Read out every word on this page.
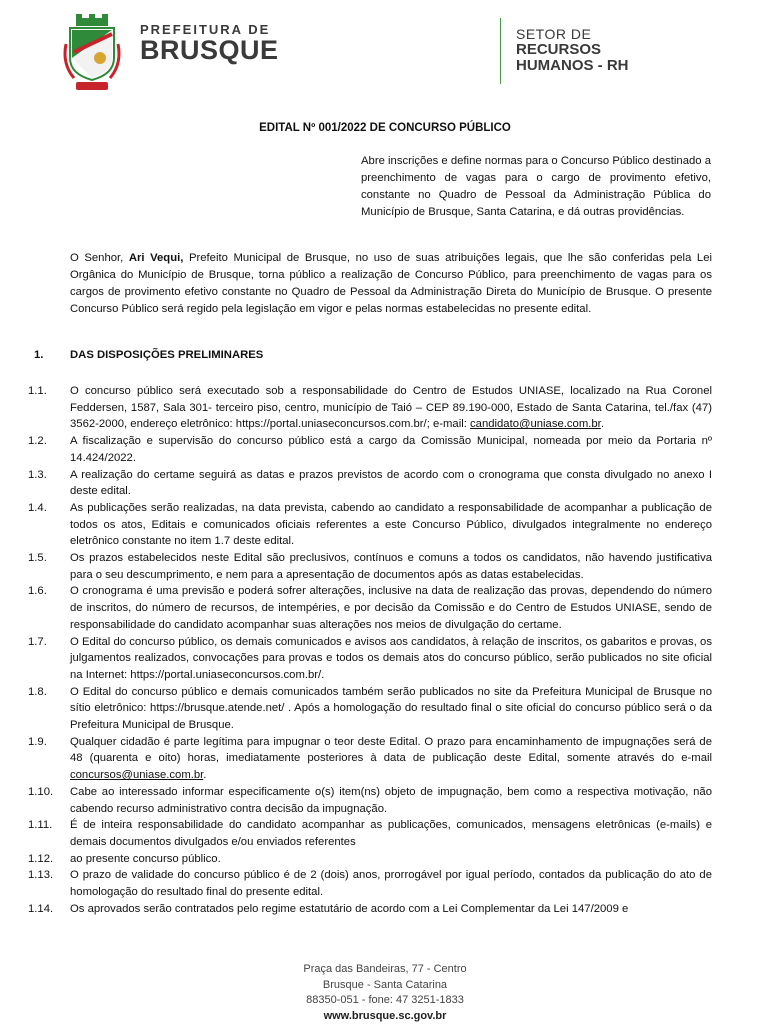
PREFEITURA DE
BRUSQUE
SETOR DE
RECURSOS
HUMANOS - RH
EDITAL Nº 001/2022 DE CONCURSO PÚBLICO
Abre inscrições e define normas para o Concurso Público destinado a preenchimento de vagas para o cargo de provimento efetivo, constante no Quadro de Pessoal da Administração Pública do Município de Brusque, Santa Catarina, e dá outras providências.
O Senhor, Ari Vequi, Prefeito Municipal de Brusque, no uso de suas atribuições legais, que lhe são conferidas pela Lei Orgânica do Município de Brusque, torna público a realização de Concurso Público, para preenchimento de vagas para os cargos de provimento efetivo constante no Quadro de Pessoal da Administração Direta do Município de Brusque. O presente Concurso Público será regido pela legislação em vigor e pelas normas estabelecidas no presente edital.
1. DAS DISPOSIÇÕES PRELIMINARES
1.1.	O concurso público será executado sob a responsabilidade do Centro de Estudos UNIASE, localizado na Rua Coronel Feddersen, 1587, Sala 301- terceiro piso, centro, município de Taió – CEP 89.190-000, Estado de Santa Catarina, tel./fax (47) 3562-2000, endereço eletrônico: https://portal.uniaseconcursos.com.br/; e-mail: candidato@uniase.com.br.
1.2.	A fiscalização e supervisão do concurso público está a cargo da Comissão Municipal, nomeada por meio da Portaria nº 14.424/2022.
1.3.	A realização do certame seguirá as datas e prazos previstos de acordo com o cronograma que consta divulgado no anexo I deste edital.
1.4.	As publicações serão realizadas, na data prevista, cabendo ao candidato a responsabilidade de acompanhar a publicação de todos os atos, Editais e comunicados oficiais referentes a este Concurso Público, divulgados integralmente no endereço eletrônico constante no item 1.7 deste edital.
1.5.	Os prazos estabelecidos neste Edital são preclusivos, contínuos e comuns a todos os candidatos, não havendo justificativa para o seu descumprimento, e nem para a apresentação de documentos após as datas estabelecidas.
1.6.	O cronograma é uma previsão e poderá sofrer alterações, inclusive na data de realização das provas, dependendo do número de inscritos, do número de recursos, de intempéries, e por decisão da Comissão e do Centro de Estudos UNIASE, sendo de responsabilidade do candidato acompanhar suas alterações nos meios de divulgação do certame.
1.7.	O Edital do concurso público, os demais comunicados e avisos aos candidatos, à relação de inscritos, os gabaritos e provas, os julgamentos realizados, convocações para provas e todos os demais atos do concurso público, serão publicados no site oficial na Internet: https://portal.uniaseconcursos.com.br/.
1.8.	O Edital do concurso público e demais comunicados também serão publicados no site da Prefeitura Municipal de Brusque no sítio eletrônico: https://brusque.atende.net/ . Após a homologação do resultado final o site oficial do concurso público será o da Prefeitura Municipal de Brusque.
1.9.	Qualquer cidadão é parte legítima para impugnar o teor deste Edital. O prazo para encaminhamento de impugnações será de 48 (quarenta e oito) horas, imediatamente posteriores à data de publicação deste Edital, somente através do e-mail concursos@uniase.com.br.
1.10.	Cabe ao interessado informar especificamente o(s) item(ns) objeto de impugnação, bem como a respectiva motivação, não cabendo recurso administrativo contra decisão da impugnação.
1.11.	É de inteira responsabilidade do candidato acompanhar as publicações, comunicados, mensagens eletrônicas (e-mails) e demais documentos divulgados e/ou enviados referentes
1.12.	ao presente concurso público.
1.13.	O prazo de validade do concurso público é de 2 (dois) anos, prorrogável por igual período, contados da publicação do ato de homologação do resultado final do presente edital.
1.14.	Os aprovados serão contratados pelo regime estatutário de acordo com a Lei Complementar da Lei 147/2009 e
Praça das Bandeiras, 77 - Centro
Brusque - Santa Catarina
88350-051 - fone: 47 3251-1833
www.brusque.sc.gov.br
